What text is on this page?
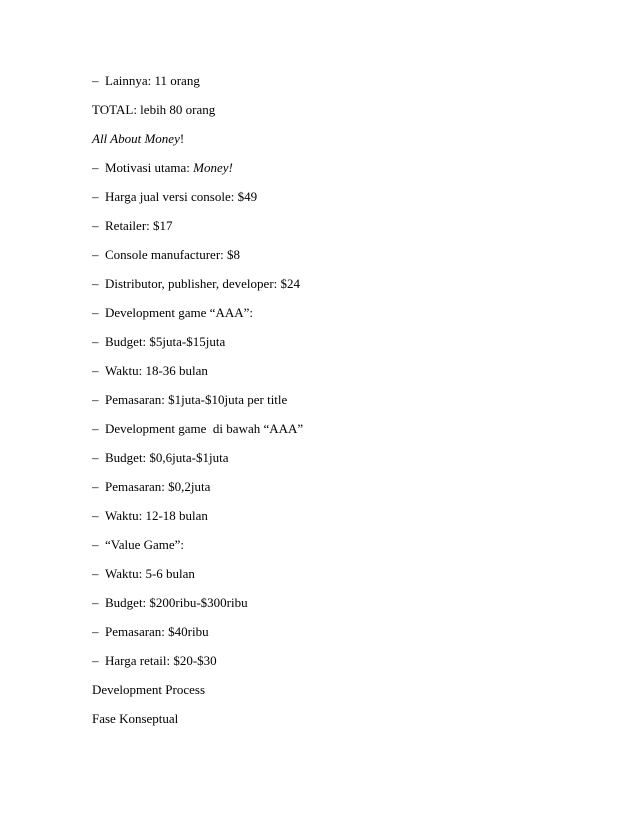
– Lainnya: 11 orang
TOTAL: lebih 80 orang
All About Money!
– Motivasi utama: Money!
– Harga jual versi console: $49
– Retailer: $17
– Console manufacturer: $8
– Distributor, publisher, developer: $24
– Development game “AAA”:
– Budget: $5juta-$15juta
– Waktu: 18-36 bulan
– Pemasaran: $1juta-$10juta per title
– Development game  di bawah “AAA”
– Budget: $0,6juta-$1juta
– Pemasaran: $0,2juta
– Waktu: 12-18 bulan
– “Value Game”:
– Waktu: 5-6 bulan
– Budget: $200ribu-$300ribu
– Pemasaran: $40ribu
– Harga retail: $20-$30
Development Process
Fase Konseptual
